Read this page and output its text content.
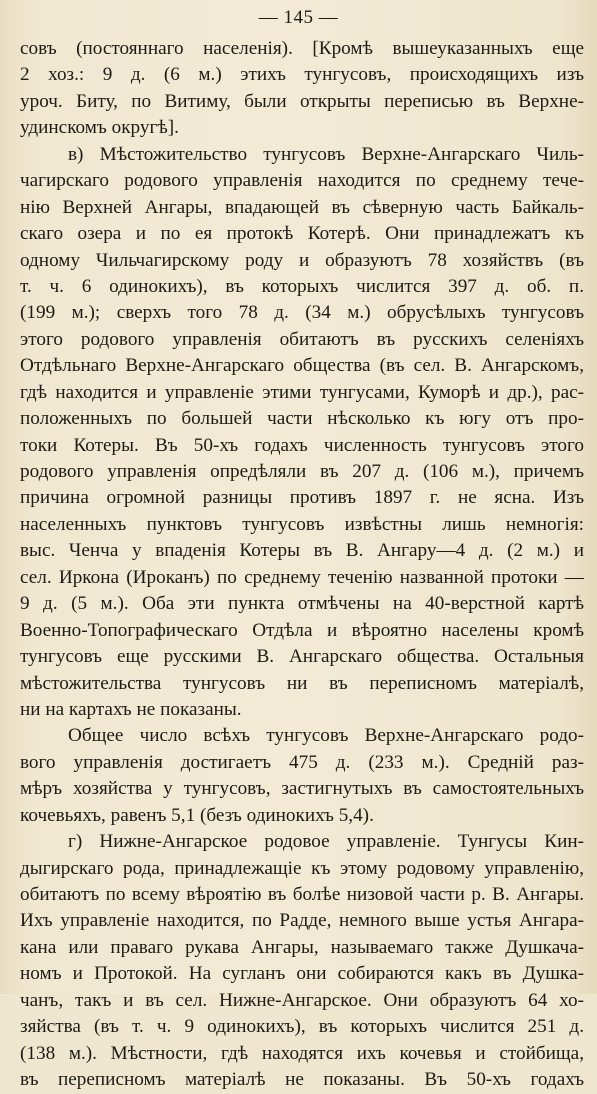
— 145 —
совъ (постояннаго населенія). [Кромѣ вышеуказанныхъ еще
2 хоз.: 9 д. (6 м.) этихъ тунгусовъ, происходящихъ изъ
уроч. Биту, по Витиму, были открыты переписью въ Верхне-
удинскомъ округѣ].
в) Мѣстожительство тунгусовъ Верхне-Ангарскаго Чиль-
чагирскаго родового управленія находится по среднему тече-
нію Верхней Ангары, впадающей въ сѣверную часть Байкаль-
скаго озера и по ея протокѣ Котерѣ. Они принадлежатъ къ
одному Чильчагирскому роду и образуютъ 78 хозяйствъ (въ
т. ч. 6 одинокихъ), въ которыхъ числится 397 д. об. п.
(199 м.); сверхъ того 78 д. (34 м.) обрусѣлыхъ тунгусовъ
этого родового управленія обитаютъ въ русскихъ селеніяхъ
Отдѣльнаго Верхне-Ангарскаго общества (въ сел. В. Ангарскомъ,
гдѣ находится и управленіе этими тунгусами, Куморѣ и др.), рас-
положенныхъ по большей части нѣсколько къ югу отъ про-
токи Котеры. Въ 50-хъ годахъ численность тунгусовъ этого
родового управленія опредѣляли въ 207 д. (106 м.), причемъ
причина огромной разницы противъ 1897 г. не ясна. Изъ
населенныхъ пунктовъ тунгусовъ извѣстны лишь немногія:
выс. Ченча у впаденія Котеры въ В. Ангару—4 д. (2 м.) и
сел. Иркона (Ироканъ) по среднему теченію названной протоки —
9 д. (5 м.). Оба эти пункта отмѣчены на 40-верстной картѣ
Военно-Топографическаго Отдѣла и вѣроятно населены кромѣ
тунгусовъ еще русскими В. Ангарскаго общества. Остальныя
мѣстожительства тунгусовъ ни въ переписномъ матеріалѣ,
ни на картахъ не показаны.
Общее число всѣхъ тунгусовъ Верхне-Ангарскаго родо-
вого управленія достигаетъ 475 д. (233 м.). Средній раз-
мѣръ хозяйства у тунгусовъ, застигнутыхъ въ самостоятельныхъ
кочевьяхъ, равенъ 5,1 (безъ одинокихъ 5,4).
г) Нижне-Ангарское родовое управленіе. Тунгусы Кин-
дыгирскаго рода, принадлежащіе къ этому родовому управленію,
обитаютъ по всему вѣроятію въ болѣе низовой части р. В. Ангары.
Ихъ управленіе находится, по Радде, немного выше устья Ангара-
кана или праваго рукава Ангары, называемаго также Душкача-
номъ и Протокой. На сугланъ они собираются какъ въ Душка-
чанъ, такъ и въ сел. Нижне-Ангарское. Они образуютъ 64 хо-
зяйства (въ т. ч. 9 одинокихъ), въ которыхъ числится 251 д.
(138 м.). Мѣстности, гдѣ находятся ихъ кочевья и стойбища,
въ переписномъ матеріалѣ не показаны. Въ 50-хъ годахъ
